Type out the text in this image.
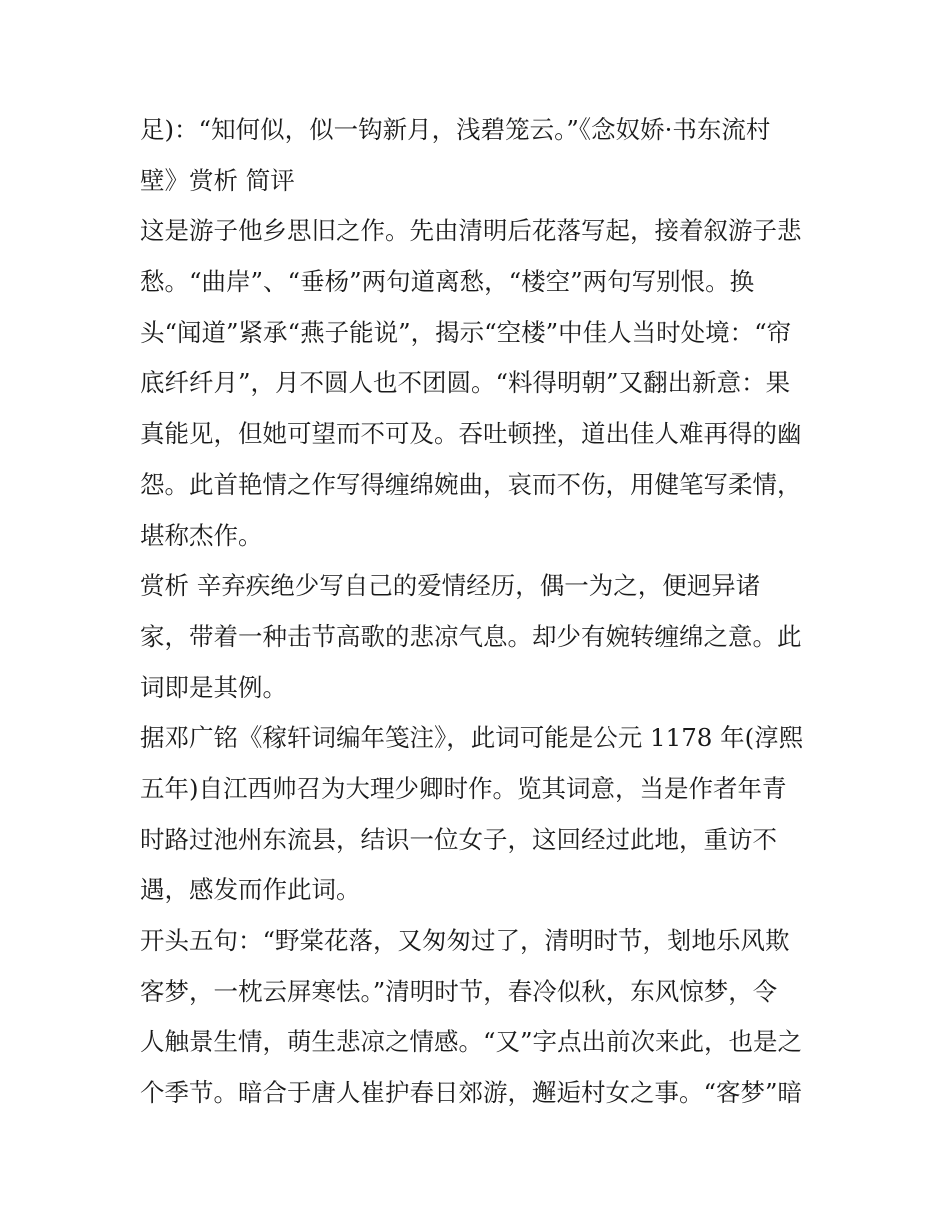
足)：“知何似，似一钩新月，浅碧笼云。”《念奴娇·书东流村
壁》赏析 简评
这是游子他乡思旧之作。先由清明后花落写起，接着叙游子悲
愁。“曲岸”、“垂杨”两句道离愁，“楼空”两句写别恨。换
头“闻道”紧承“燕子能说”，揭示“空楼”中佳人当时处境：“帘
底纤纤月”，月不圆人也不团圆。“料得明朝”又翻出新意：果
真能见，但她可望而不可及。吞吐顿挫，道出佳人难再得的幽
怨。此首艳情之作写得缠绵婉曲，哀而不伤，用健笔写柔情，
堪称杰作。
赏析 辛弃疾绝少写自己的爱情经历，偶一为之，便迥异诸
家，带着一种击节高歌的悲凉气息。却少有婉转缠绵之意。此
词即是其例。
据邓广铭《稼轩词编年笺注》，此词可能是公元 1178 年(淳熙
五年)自江西帅召为大理少卿时作。览其词意，当是作者年青
时路过池州东流县，结识一位女子，这回经过此地，重访不
遇，感发而作此词。
开头五句：“野棠花落，又匆匆过了，清明时节，刬地乐风欺
客梦，一枕云屏寒怯。”清明时节，春冷似秋，东风惊梦，令
人触景生情，萌生悲凉之情感。“又”字点出前次来此，也是之
个季节。暗合于唐人崔护春日郊游，邂逅村女之事。“客梦”暗
